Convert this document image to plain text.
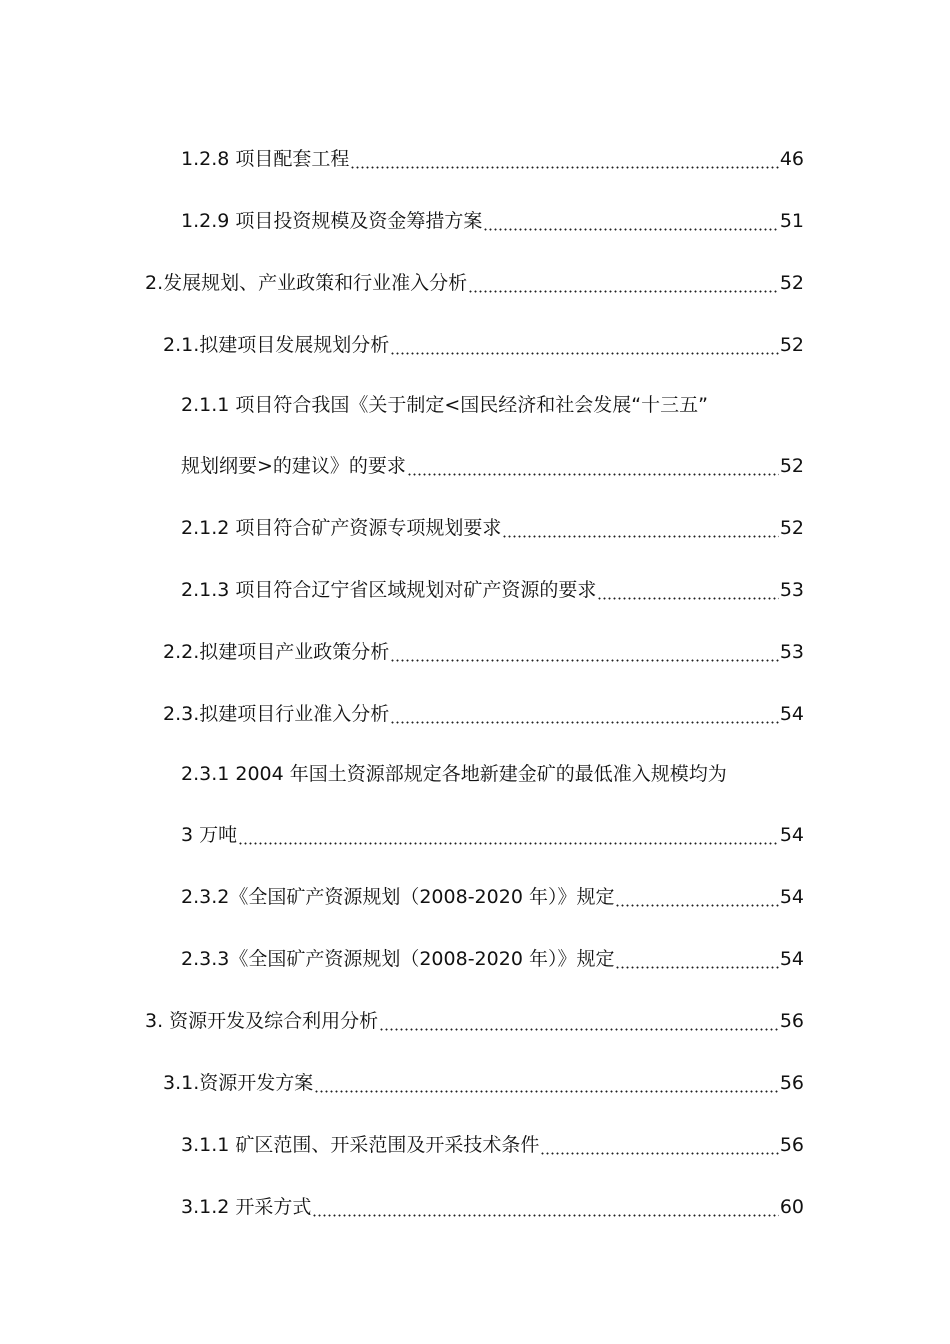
1.2.8 项目配套工程	46
1.2.9 项目投资规模及资金筹措方案	51
2.发展规划、产业政策和行业准入分析	52
2.1.拟建项目发展规划分析	52
2.1.1 项目符合我国《关于制定<国民经济和社会发展“十三五”
规划纲要>的建议》的要求	52
2.1.2 项目符合矿产资源专项规划要求	52
2.1.3 项目符合辽宁省区域规划对矿产资源的要求	53
2.2.拟建项目产业政策分析	53
2.3.拟建项目行业准入分析	54
2.3.1 2004 年国土资源部规定各地新建金矿的最低准入规模均为
3 万吨	54
2.3.2《全国矿产资源规划（2008-2020 年）》规定	54
2.3.3《全国矿产资源规划（2008-2020 年）》规定	54
3. 资源开发及综合利用分析	56
3.1.资源开发方案	56
3.1.1 矿区范围、开采范围及开采技术条件	56
3.1.2 开采方式	60
